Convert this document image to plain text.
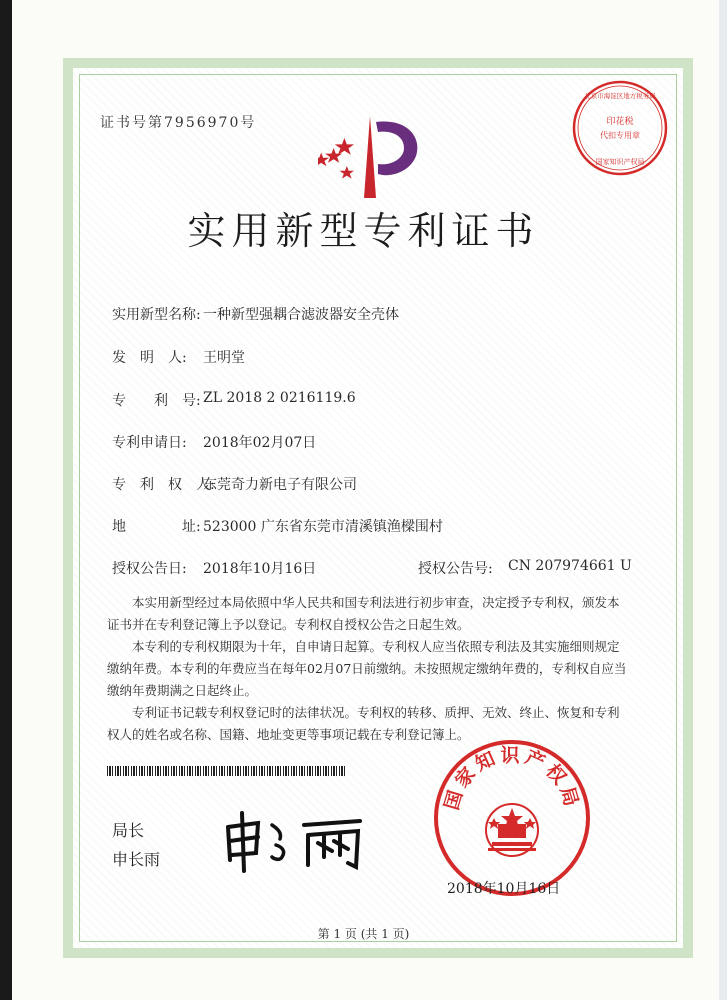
证书号第7956970号	印花税
代扣专用章
北京市海淀区地方税务局
国家知识产权局
实用新型专利证书
实用新型名称: 一种新型强耦合滤波器安全壳体
发　明　人: 王明堂
专　　利　号: ZL 2018 2 0216119.6
专利申请日: 2018年02月07日
专　利　权　人:
东莞奇力新电子有限公司
地　　　　址: 523000 广东省东莞市清溪镇渔樑围村
授权公告日: 2018年10月16日	授权公告号: CN 207974661 U
本实用新型经过本局依照中华人民共和国专利法进行初步审查，决定授予专利权，颁发本证书并在专利登记簿上予以登记。专利权自授权公告之日起生效。
本专利的专利权期限为十年，自申请日起算。专利权人应当依照专利法及其实施细则规定缴纳年费。本专利的年费应当在每年02月07日前缴纳。未按照规定缴纳年费的，专利权自应当缴纳年费期满之日起终止。
专利证书记载专利权登记时的法律状况。专利权的转移、质押、无效、终止、恢复和专利权人的姓名或名称、国籍、地址变更等事项记载在专利登记簿上。
局长
申长雨
国家知识产权局
2018年10月16日
第 1 页 (共 1 页)
